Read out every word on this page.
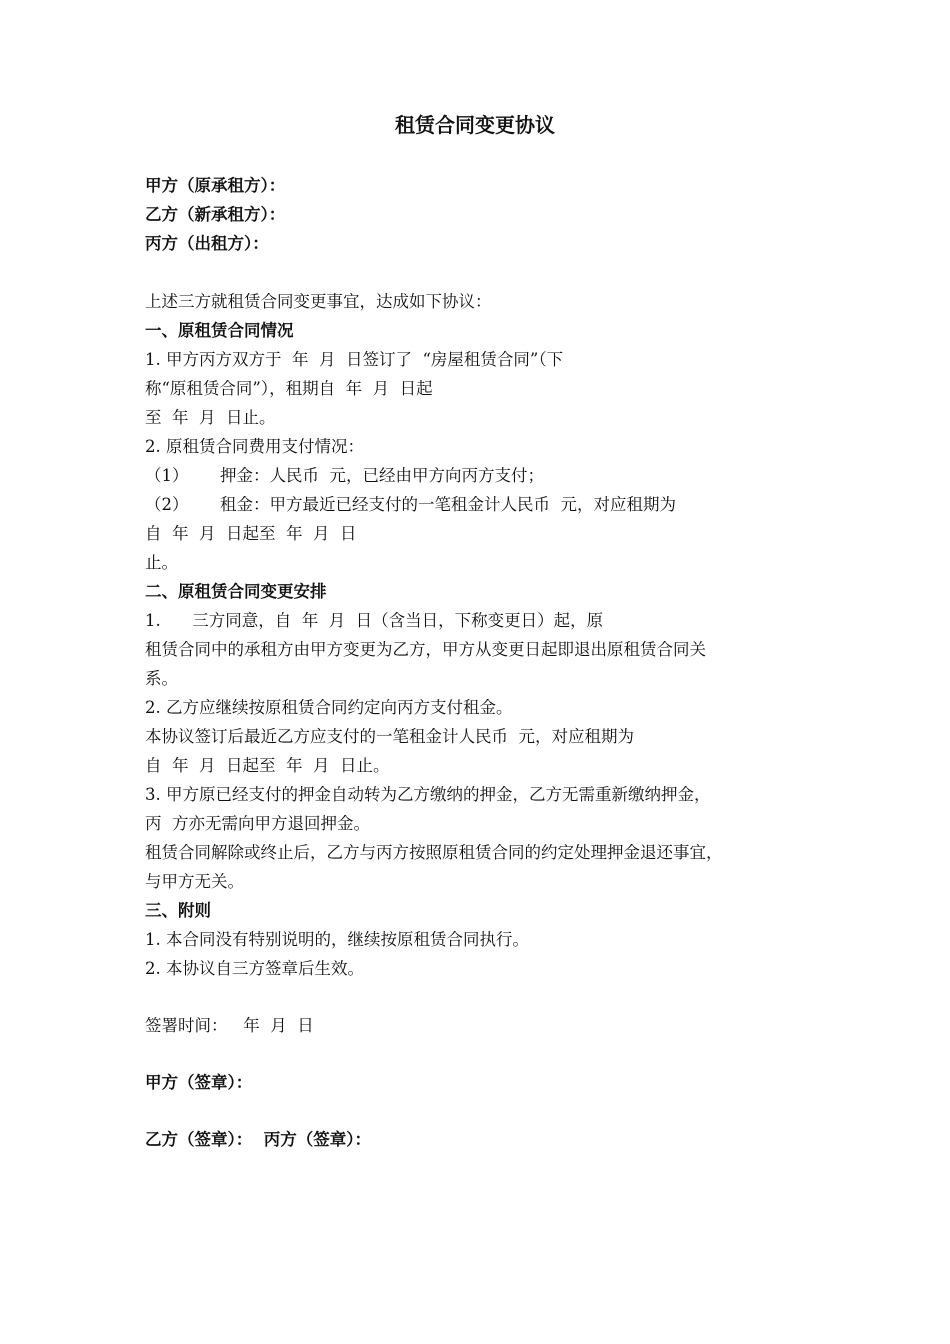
租赁合同变更协议
甲方（原承租方）：
乙方（新承租方）：
丙方（出租方）：
上述三方就租赁合同变更事宜，达成如下协议：
一、原租赁合同情况
1. 甲方丙方双方于  年  月  日签订了  “房屋租赁合同”（下
称“原租赁合同”），租期自  年  月  日起
至  年  月  日止。
2. 原租赁合同费用支付情况：
（1）      押金：人民币  元，已经由甲方向丙方支付；
（2）      租金：甲方最近已经支付的一笔租金计人民币  元，对应租期为
自  年  月  日起至  年  月  日
止。
二、原租赁合同变更安排
1.      三方同意，自  年  月  日（含当日，下称变更日）起，原
租赁合同中的承租方由甲方变更为乙方，甲方从变更日起即退出原租赁合同关
系。
2. 乙方应继续按原租赁合同约定向丙方支付租金。
本协议签订后最近乙方应支付的一笔租金计人民币  元，对应租期为
自  年  月  日起至  年  月  日止。
3. 甲方原已经支付的押金自动转为乙方缴纳的押金，乙方无需重新缴纳押金，
丙  方亦无需向甲方退回押金。
租赁合同解除或终止后，乙方与丙方按照原租赁合同的约定处理押金退还事宜，
与甲方无关。
三、附则
1. 本合同没有特别说明的，继续按原租赁合同执行。
2. 本协议自三方签章后生效。
签署时间：   年  月  日
甲方（签章）：
乙方（签章）：  丙方（签章）：
